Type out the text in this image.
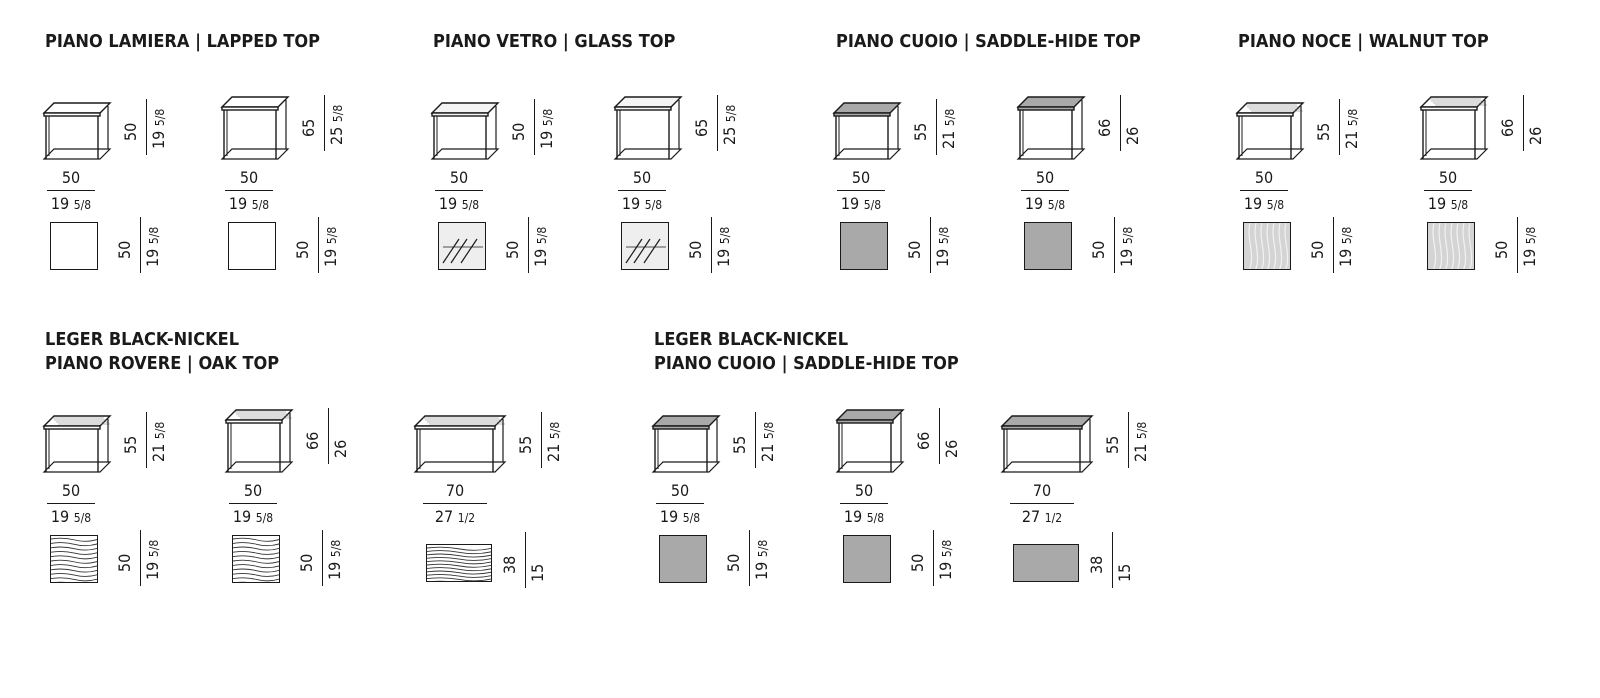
PIANO LAMIERA | LAPPED TOP	PIANO VETRO | GLASS TOP	PIANO CUOIO | SADDLE-HIDE TOP	PIANO NOCE | WALNUT TOP
LEGER BLACK-NICKEL
PIANO ROVERE | OAK TOP
LEGER BLACK-NICKEL
PIANO CUOIO | SADDLE-HIDE TOP
50 19 5/8
50
19 5/8
50 19 5/8
65 25 5/8
50
19 5/8
50 19 5/8
50 19 5/8
50
19 5/8
50 19 5/8
65 25 5/8
50
19 5/8
50 19 5/8
55 21 5/8
50
19 5/8
50 19 5/8
66 26
50
19 5/8
50 19 5/8
55 21 5/8
50
19 5/8
50 19 5/8
66 26
50
19 5/8
50 19 5/8
55 21 5/8
50
19 5/8
50 19 5/8
66 26
50
19 5/8
50 19 5/8
55 21 5/8
70
27 1/2
38 15
55 21 5/8
50
19 5/8
50 19 5/8
66 26
50
19 5/8
50 19 5/8
55 21 5/8
70
27 1/2
38 15
